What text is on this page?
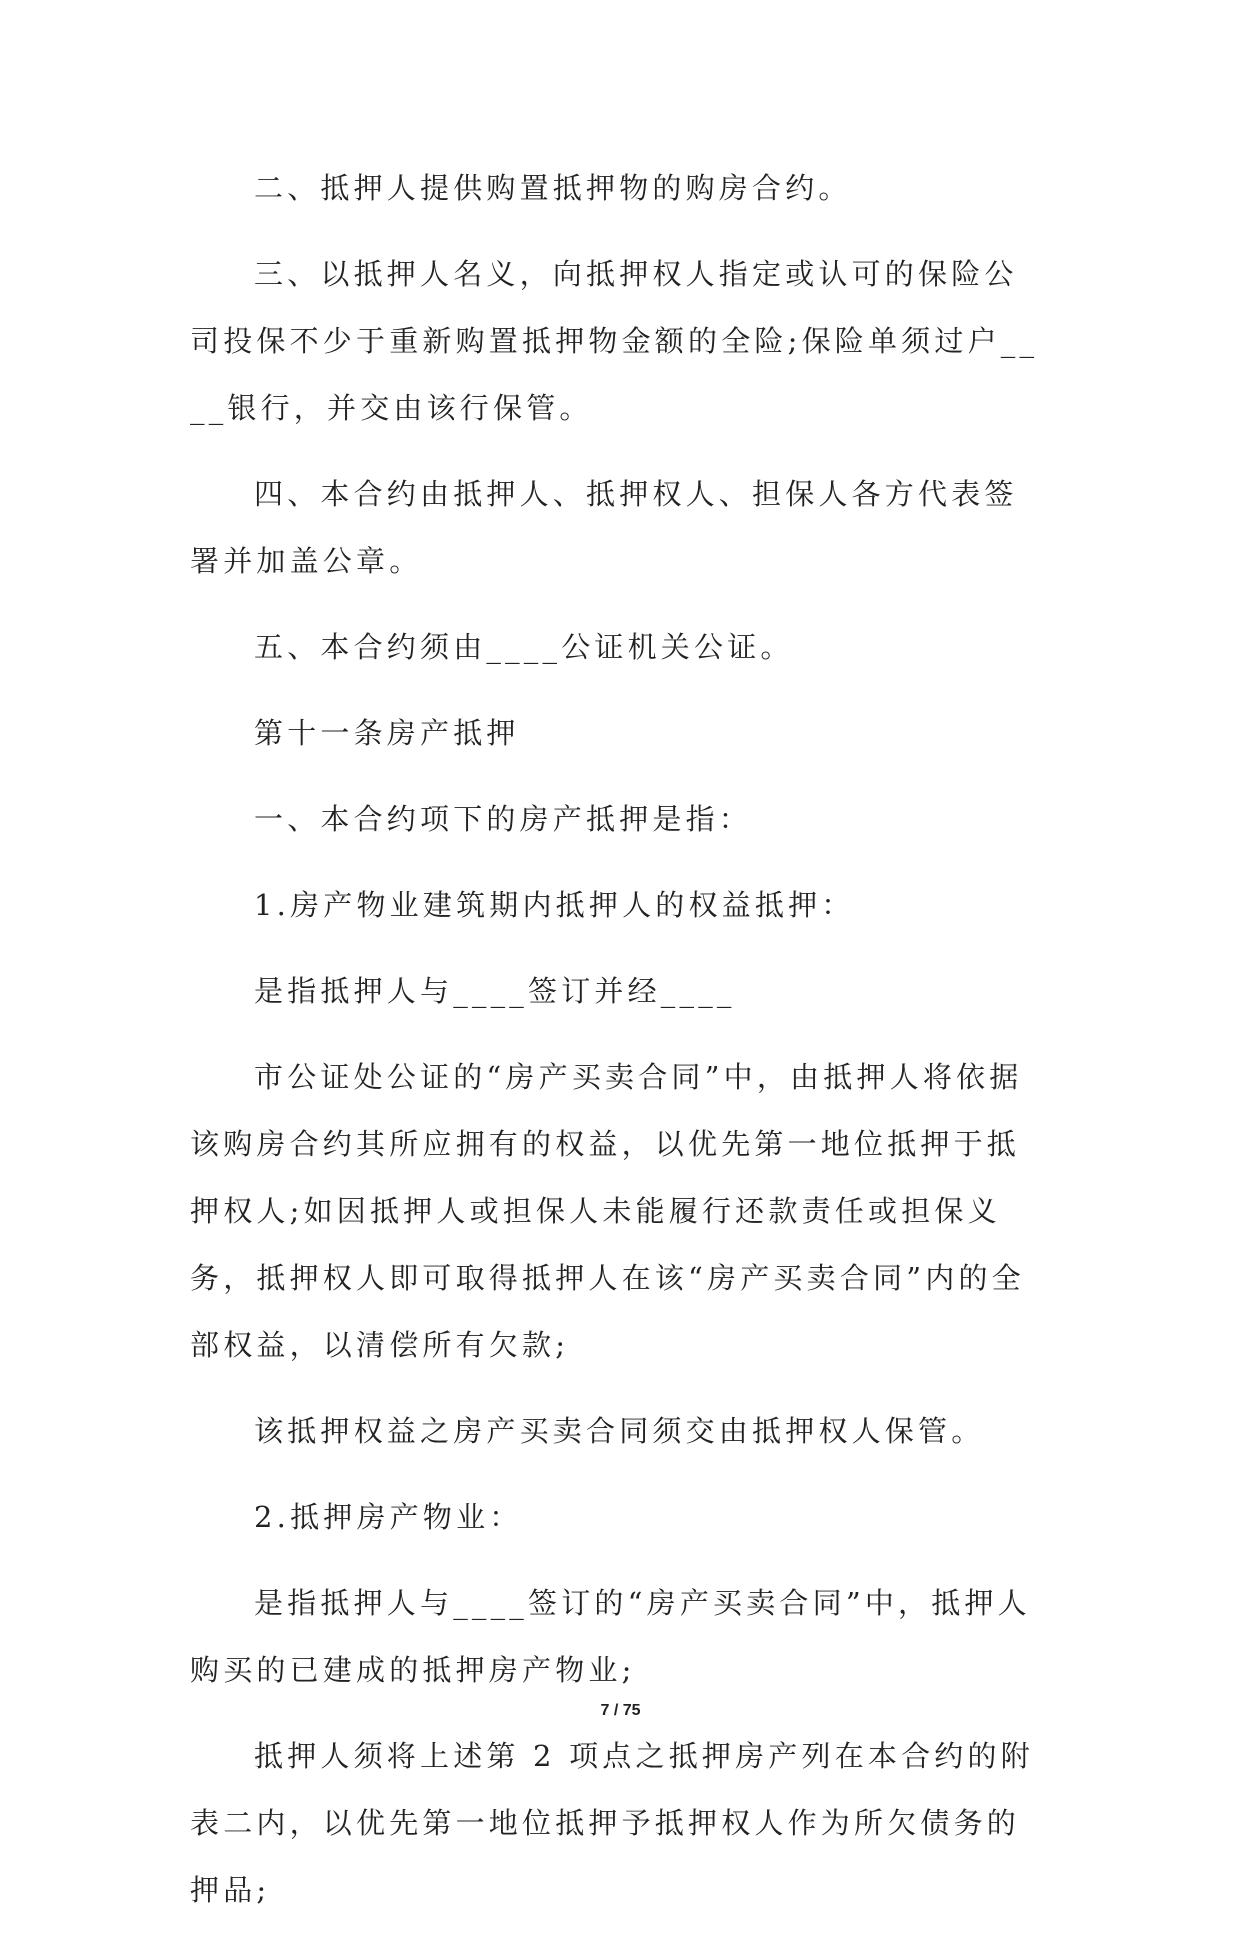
二、抵押人提供购置抵押物的购房合约。

三、以抵押人名义，向抵押权人指定或认可的保险公司投保不少于重新购置抵押物金额的全险;保险单须过户____银行，并交由该行保管。

四、本合约由抵押人、抵押权人、担保人各方代表签署并加盖公章。

五、本合约须由____公证机关公证。

第十一条房产抵押

一、本合约项下的房产抵押是指：

1.房产物业建筑期内抵押人的权益抵押：

是指抵押人与____签订并经____

市公证处公证的“房产买卖合同”中，由抵押人将依据该购房合约其所应拥有的权益，以优先第一地位抵押于抵押权人;如因抵押人或担保人未能履行还款责任或担保义务，抵押权人即可取得抵押人在该“房产买卖合同”内的全部权益，以清偿所有欠款;

该抵押权益之房产买卖合同须交由抵押权人保管。

2.抵押房产物业：

是指抵押人与____签订的“房产买卖合同”中，抵押人购买的已建成的抵押房产物业;

抵押人须将上述第 2 项点之抵押房产列在本合约的附表二内，以优先第一地位抵押予抵押权人作为所欠债务的押品;

7 / 75
